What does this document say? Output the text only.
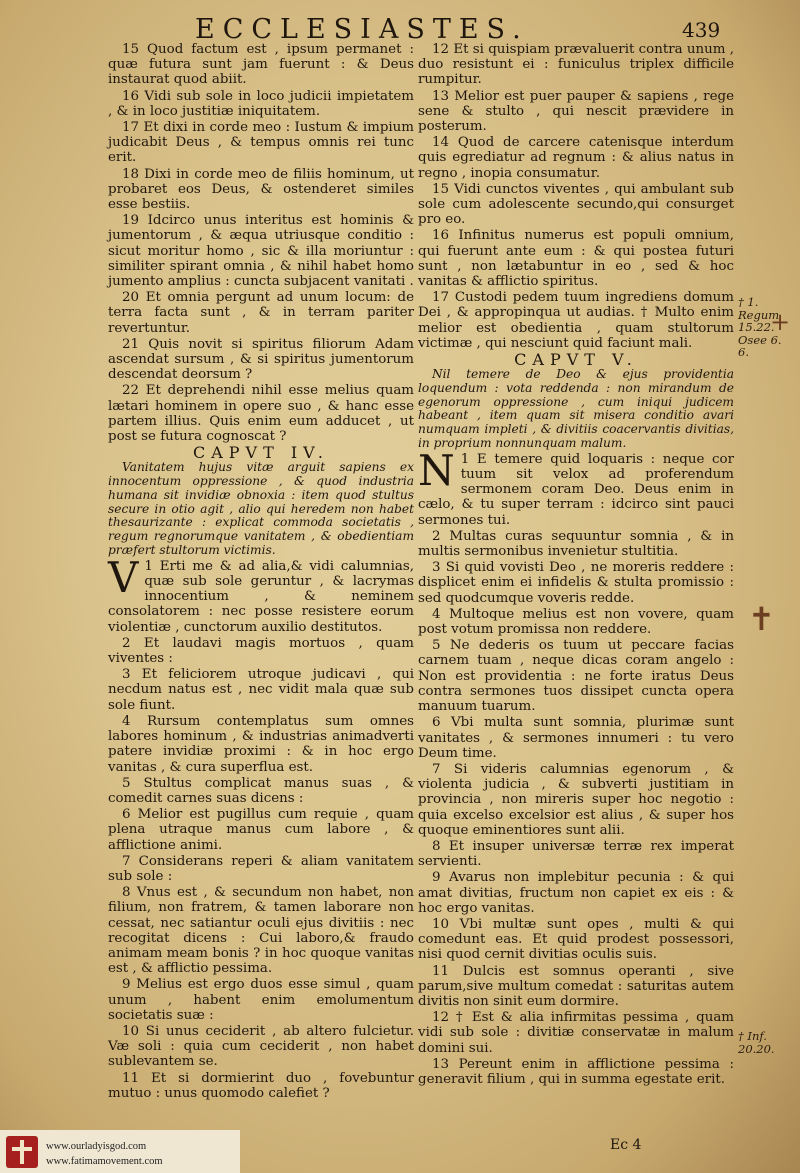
ECCLESIASTES.	439

15 Quod factum est , ipsum permanet : quæ futura sunt jam fuerunt : & Deus instaurat quod abiit.

16 Vidi sub sole in loco judicii impietatem , & in loco justitiæ iniquitatem.

17 Et dixi in corde meo : Iustum & impium judicabit Deus , & tempus omnis rei tunc erit.

18 Dixi in corde meo de filiis hominum, ut probaret eos Deus, & ostenderet similes esse bestiis.

19 Idcirco unus interitus est hominis & jumentorum , & æqua utriusque conditio : sicut moritur homo , sic & illa moriuntur : similiter spirant omnia , & nihil habet homo jumento amplius : cuncta subjacent vanitati .

20 Et omnia pergunt ad unum locum: de terra facta sunt , & in terram pariter revertuntur.

21 Quis novit si spiritus filiorum Adam ascendat sursum , & si spiritus jumentorum descendat deorsum ?

22 Et deprehendi nihil esse melius quam lætari hominem in opere suo , & hanc esse partem illius. Quis enim eum adducet , ut post se futura cognoscat ?

CAPVT IV.

Vanitatem hujus vitæ arguit sapiens ex innocentum oppressione , & quod industria humana sit invidiæ obnoxia : item quod stultus secure in otio agit , alio qui heredem non habet thesaurizante : explicat commoda societatis , regum regnorumque vanitatem , & obedientiam præfert stultorum victimis.

1
V Erti me & ad alia,& vidi calumnias, quæ sub sole geruntur , & lacrymas innocentium , & neminem consolatorem : nec posse resistere eorum violentiæ , cunctorum auxilio destitutos.

2 Et laudavi magis mortuos , quam viventes :

3 Et feliciorem utroque judicavi , qui necdum natus est , nec vidit mala quæ sub sole fiunt.

4 Rursum contemplatus sum omnes labores hominum , & industrias animadverti patere invidiæ proximi : & in hoc ergo vanitas , & cura superflua est.

5 Stultus complicat manus suas , & comedit carnes suas dicens :

6 Melior est pugillus cum requie , quam plena utraque manus cum labore , & afflictione animi.

7 Considerans reperi & aliam vanitatem sub sole :

8 Vnus est , & secundum non habet, non filium, non fratrem, & tamen laborare non cessat, nec satiantur oculi ejus divitiis : nec recogitat dicens : Cui laboro,& fraudo animam meam bonis ? in hoc quoque vanitas est , & afflictio pessima.

9 Melius est ergo duos esse simul , quam unum , habent enim emolumentum societatis suæ :

10 Si unus ceciderit , ab altero fulcietur. Væ soli : quia cum ceciderit , non habet sublevantem se.

11 Et si dormierint duo , fovebuntur mutuo : unus quomodo calefiet ?

12 Et si quispiam prævaluerit contra unum , duo resistunt ei : funiculus triplex difficile rumpitur.

13 Melior est puer pauper & sapiens , rege sene & stulto , qui nescit prævidere in posterum.

14 Quod de carcere catenisque interdum quis egrediatur ad regnum : & alius natus in regno , inopia consumatur.

15 Vidi cunctos viventes , qui ambulant sub sole cum adolescente secundo,qui consurget pro eo.

16 Infinitus numerus est populi omnium, qui fuerunt ante eum : & qui postea futuri sunt , non lætabuntur in eo , sed & hoc vanitas & afflictio spiritus.

17 Custodi pedem tuum ingrediens domum Dei , & appropinqua ut audias. † Multo enim melior est obedientia , quam stultorum victimæ , qui nesciunt quid faciunt mali.

CAPVT V.

Nil temere de Deo & ejus providentia loquendum : vota reddenda : non mirandum de egenorum oppressione , cum iniqui judicem habeant , item quam sit misera conditio avari numquam impleti , & divitiis coacervantis divitias, in proprium nonnunquam malum.

1
N E temere quid loquaris : neque cor tuum sit velox ad proferendum sermonem coram Deo. Deus enim in cælo, & tu super terram : idcirco sint pauci sermones tui.

2 Multas curas sequuntur somnia , & in multis sermonibus invenietur stultitia.

3 Si quid vovisti Deo , ne moreris reddere : displicet enim ei infidelis & stulta promissio : sed quodcumque voveris redde.

4 Multoque melius est non vovere, quam post votum promissa non reddere.

5 Ne dederis os tuum ut peccare facias carnem tuam , neque dicas coram angelo : Non est providentia : ne forte iratus Deus contra sermones tuos dissipet cuncta opera manuum tuarum.

6 Vbi multa sunt somnia, plurimæ sunt vanitates , & sermones innumeri : tu vero Deum time.

7 Si videris calumnias egenorum , & violenta judicia , & subverti justitiam in provincia , non mireris super hoc negotio : quia excelso excelsior est alius , & super hos quoque eminentiores sunt alii.

8 Et insuper universæ terræ rex imperat servienti.

9 Avarus non implebitur pecunia : & qui amat divitias, fructum non capiet ex eis : & hoc ergo vanitas.

10 Vbi multæ sunt opes , multi & qui comedunt eas. Et quid prodest possessori, nisi quod cernit divitias oculis suis.

11 Dulcis est somnus operanti , sive parum,sive multum comedat : saturitas autem divitis non sinit eum dormire.

12 † Est & alia infirmitas pessima , quam vidi sub sole : divitiæ conservatæ in malum domini sui.

13 Pereunt enim in afflictione pessima : generavit filium , qui in summa egestate erit.

† 1. Regum 15.22. Osee 6. 6.
† Inf. 20.20.
✝
+
Ec 4
www.ourladyisgod.com
www.fatimamovement.com
